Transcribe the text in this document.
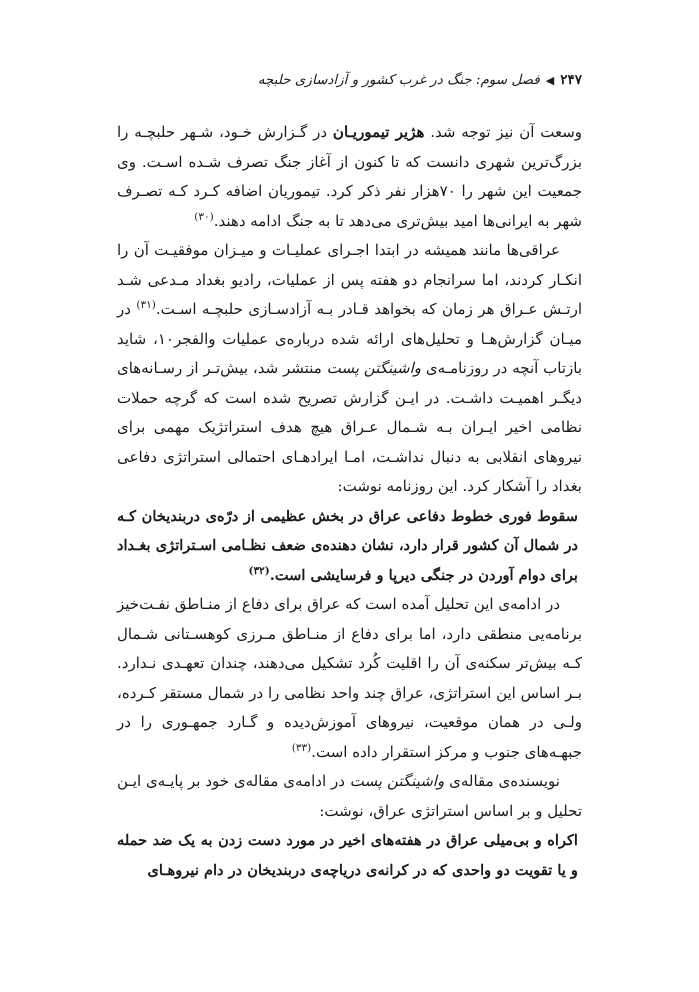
۲۴۷
◀
فصل سوم: جنگ در غرب کشور و آزادسازی حلبچه

وسعت آن نیز توجه شد. هژیر تیموریـان در گـزارش خـود، شـهر حلبچـه را بزرگ‌ترین شهری دانست که تا کنون از آغاز جنگ تصرف شـده اسـت. وی جمعیت این شهر را ۷۰هزار نفر ذکر کرد. تیموریان اضافه کـرد کـه تصـرف شهر به ایرانی‌ها امید بیش‌تری می‌دهد تا به جنگ ادامه دهند.$^{(۳۰)}$

عراقی‌ها مانند همیشه در ابتدا اجـرای عملیـات و میـزان موفقیـت آن را انکـار کردند، اما سرانجام دو هفته پس از عملیات، رادیو بغداد مـدعی شـد ارتـش عـراق هر زمان که بخواهد قـادر بـه آزادسـازی حلبچـه اسـت.$^{(۳۱)}$ در میـان گزارش‌هـا و تحلیل‌های ارائه شده درباره‌ی عملیات والفجر۱۰، شاید بازتاب آنچه در روزنامـه‌ی واشینگتن پست منتشر شد، بیش‌تـر از رسـانه‌های دیگـر اهمیـت داشـت. در ایـن گزارش تصریح شده است که گرچه حملات نظامی اخیر ایـران بـه شـمال عـراق هیچ هدف استراتژیک مهمی برای نیروهای انقلابی به دنبال نداشـت، امـا ایرادهـای احتمالی استراتژی دفاعی بغداد را آشکار کرد. این روزنامه نوشت:

سقوط فوری خطوط دفاعی عراق در بخش عظیمی از درّه‌ی دربندیخان کـه در شمال آن کشور قرار دارد، نشان دهنده‌ی ضعف نظـامی اسـتراتژی بغـداد برای دوام آوردن در جنگی دیرپا و فرسایشی است.$^{(۳۲)}$

در ادامه‌ی این تحلیل آمده است که عراق برای دفاع از منـاطق نفـت‌خیز برنامه‌یی منطقی دارد، اما برای دفاع از منـاطق مـرزی کوهسـتانی شـمال کـه بیش‌تر سکنه‌ی آن را اقلیت کُرد تشکیل می‌دهند، چندان تعهـدی نـدارد. بـر اساس این استراتژی، عراق چند واحد نظامی را در شمال مستقر کـرده، ولـی در همان موقعیت، نیروهای آموزش‌دیده و گـارد جمهـوری را در جبهـه‌های جنوب و مرکز استقرار داده است.$^{(۳۳)}$

نویسنده‌ی مقاله‌ی واشینگتن پست در ادامه‌ی مقاله‌ی خود بر پایـه‌ی ایـن تحلیل و بر اساس استراتژی عراق، نوشت:

اکراه و بی‌میلی عراق در هفته‌های اخیر در مورد دست زدن به یک ضد حمله و یا تقویت دو واحدی که در کرانه‌ی دریاچه‌ی دربندیخان در دام نیروهـای
